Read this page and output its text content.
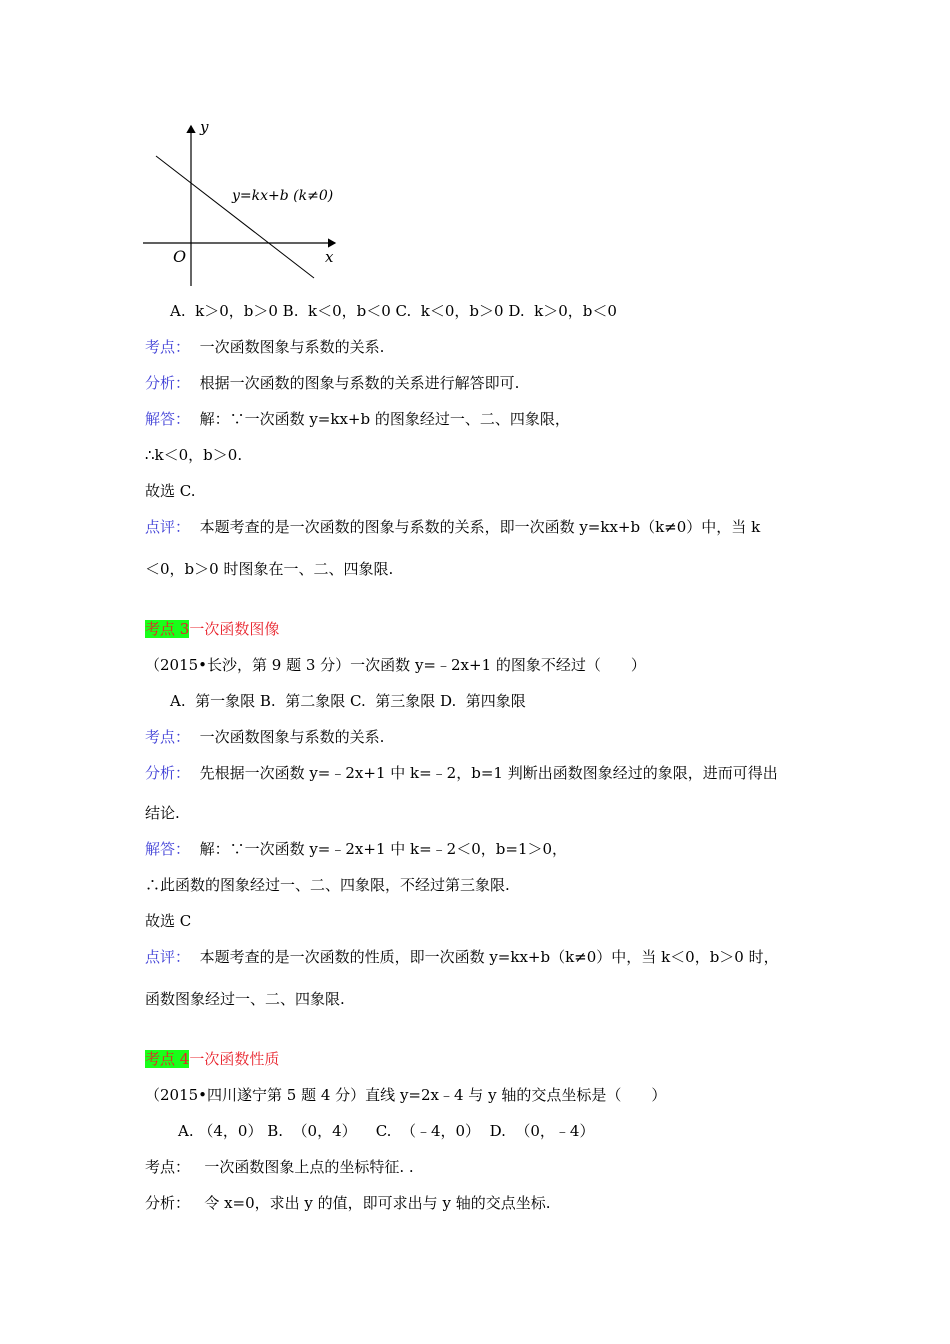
y
x
O
y=kx+b (k≠0)
A.  k＞0，b＞0 B.  k＜0，b＜0 C.  k＜0，b＞0 D.  k＞0，b＜0
考点： 一次函数图象与系数的关系.
分析： 根据一次函数的图象与系数的关系进行解答即可.
解答： 解：∵一次函数 y=kx+b 的图象经过一、二、四象限，
∴k＜0，b＞0.
故选 C.
点评： 本题考查的是一次函数的图象与系数的关系，即一次函数 y=kx+b（k≠0）中，当 k
＜0，b＞0 时图象在一、二、四象限.
考点 3一次函数图像
（2015•长沙，第 9 题 3 分）一次函数 y=﹣2x+1 的图象不经过（　　）
A.  第一象限 B.  第二象限 C.  第三象限 D.  第四象限
考点： 一次函数图象与系数的关系.
分析： 先根据一次函数 y=﹣2x+1 中 k=﹣2，b=1 判断出函数图象经过的象限，进而可得出
结论.
解答： 解：∵一次函数 y=﹣2x+1 中 k=﹣2＜0，b=1＞0，
∴此函数的图象经过一、二、四象限，不经过第三象限.
故选 C
点评： 本题考查的是一次函数的性质，即一次函数 y=kx+b（k≠0）中，当 k＜0，b＞0 时，
函数图象经过一、二、四象限.
考点 4一次函数性质
（2015•四川遂宁第 5 题 4 分）直线 y=2x﹣4 与 y 轴的交点坐标是（　　）
A. （4，0） B.  （0，4）    C.  （﹣4，0）  D.  （0，﹣4）
考点： 一次函数图象上点的坐标特征. .
分析： 令 x=0，求出 y 的值，即可求出与 y 轴的交点坐标.
